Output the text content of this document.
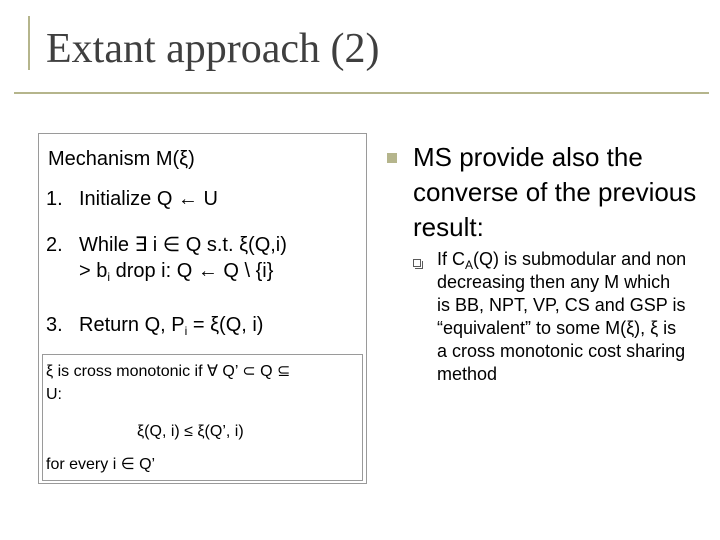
Extant approach (2)
Mechanism M(ξ)
1. Initialize Q ← U
2. While ∃ i ∈ Q s.t. ξ(Q,i)
> $b_i$ drop i: Q ← Q \ {i}
3. Return Q, $P_i = \xi(Q$, i)
ξ is cross monotonic if ∀ Q’ ⊂ Q ⊆
U:
ξ(Q, i) ≤ ξ(Q’, i)
for every i ∈ Q’
MS provide also the converse of the previous result:
If $C_A(Q)$ is submodular and non decreasing then any M which is BB, NPT, VP, CS and GSP is “equivalent” to some M(ξ), ξ is a cross monotonic cost sharing method
